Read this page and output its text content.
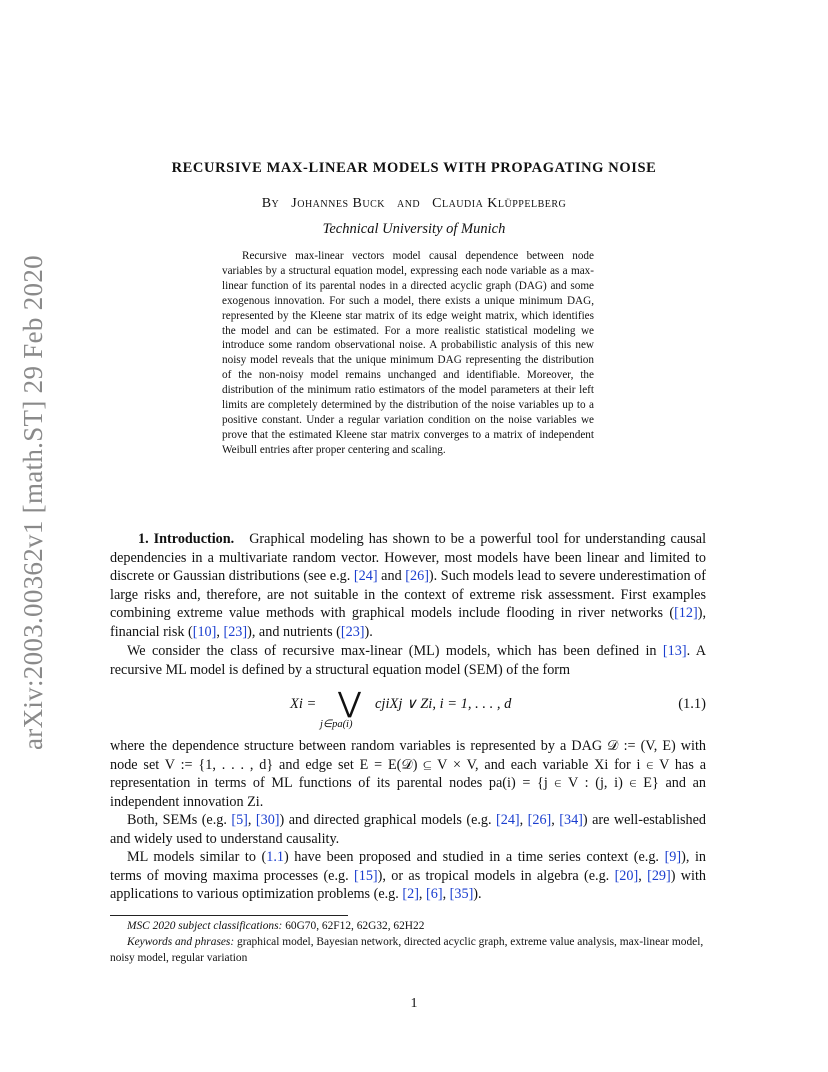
arXiv:2003.00362v1 [math.ST] 29 Feb 2020
RECURSIVE MAX-LINEAR MODELS WITH PROPAGATING NOISE
By Johannes Buck and Claudia Klüppelberg
Technical University of Munich
Recursive max-linear vectors model causal dependence between node variables by a structural equation model, expressing each node variable as a max-linear function of its parental nodes in a directed acyclic graph (DAG) and some exogenous innovation. For such a model, there exists a unique minimum DAG, represented by the Kleene star matrix of its edge weight matrix, which identifies the model and can be estimated. For a more realistic statistical modeling we introduce some random observational noise. A probabilistic analysis of this new noisy model reveals that the unique minimum DAG representing the distribution of the non-noisy model remains unchanged and identifiable. Moreover, the distribution of the minimum ratio estimators of the model parameters at their left limits are completely determined by the distribution of the noise variables up to a positive constant. Under a regular variation condition on the noise variables we prove that the estimated Kleene star matrix converges to a matrix of independent Weibull entries after proper centering and scaling.
1. Introduction. Graphical modeling has shown to be a powerful tool for understanding causal dependencies in a multivariate random vector. However, most models have been linear and limited to discrete or Gaussian distributions (see e.g. [24] and [26]). Such models lead to severe underestimation of large risks and, therefore, are not suitable in the context of extreme risk assessment. First examples combining extreme value methods with graphical models include flooding in river networks ([12]), financial risk ([10], [23]), and nutrients ([23]).
We consider the class of recursive max-linear (ML) models, which has been defined in [13]. A recursive ML model is defined by a structural equation model (SEM) of the form
Xi = ⋁
j∈pa(i)
cjiXj ∨ Zi, i = 1, . . . , d	(1.1)
where the dependence structure between random variables is represented by a DAG 𝒟 := (V, E) with node set V := {1, . . . , d} and edge set E = E(𝒟) ⊆ V × V, and each variable Xi for i ∈ V has a representation in terms of ML functions of its parental nodes pa(i) = {j ∈ V : (j, i) ∈ E} and an independent innovation Zi.
Both, SEMs (e.g. [5], [30]) and directed graphical models (e.g. [24], [26], [34]) are well-established and widely used to understand causality.
ML models similar to (1.1) have been proposed and studied in a time series context (e.g. [9]), in terms of moving maxima processes (e.g. [15]), or as tropical models in algebra (e.g. [20], [29]) with applications to various optimization problems (e.g. [2], [6], [35]).
MSC 2020 subject classifications: 60G70, 62F12, 62G32, 62H22
Keywords and phrases: graphical model, Bayesian network, directed acyclic graph, extreme value analysis, max-linear model, noisy model, regular variation
1
